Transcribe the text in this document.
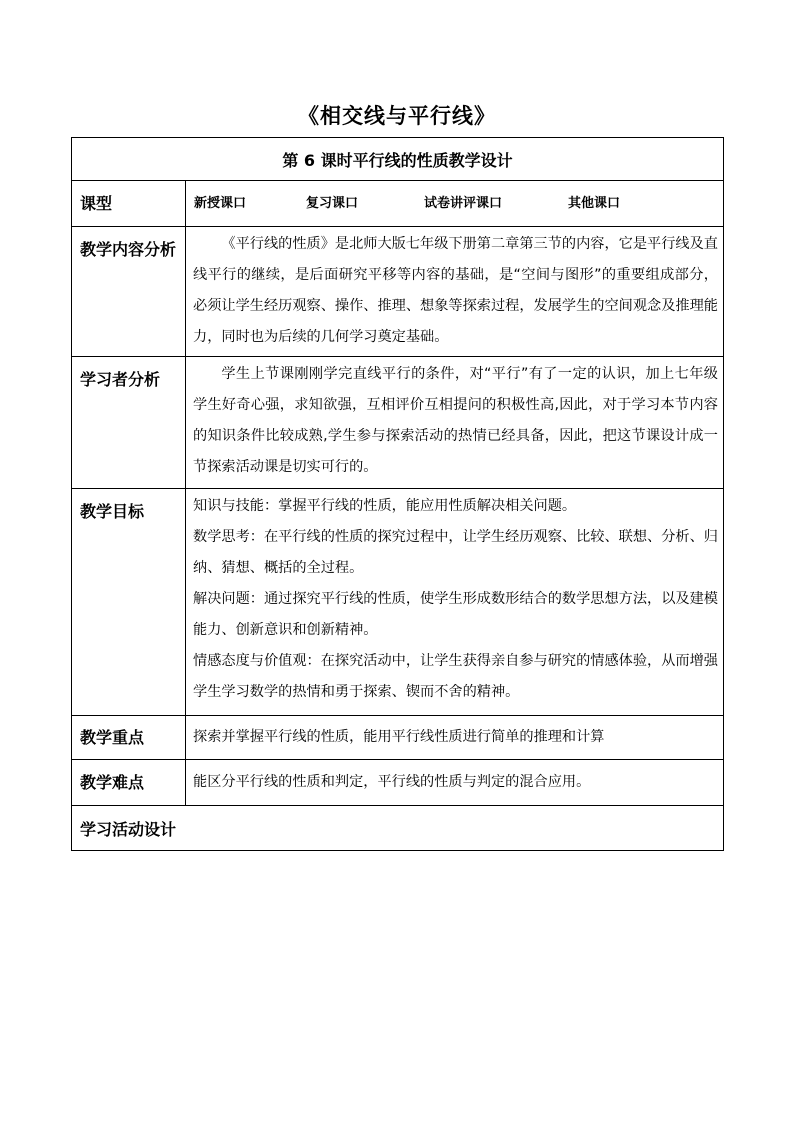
《相交线与平行线》
第 6 课时平行线的性质教学设计	
课型	新授课口 复习课口 试卷讲评课口 其他课口
教学内容分析	《平行线的性质》是北师大版七年级下册第二章第三节的内容，它是平行线及直线平行的继续，是后面研究平移等内容的基础，是“空间与图形”的重要组成部分，必须让学生经历观察、操作、推理、想象等探索过程，发展学生的空间观念及推理能力，同时也为后续的几何学习奠定基础。

学习者分析	学生上节课刚刚学完直线平行的条件，对“平行”有了一定的认识，加上七年级学生好奇心强，求知欲强，互相评价互相提问的积极性高,因此，对于学习本节内容的知识条件比较成熟,学生参与探索活动的热情已经具备，因此，把这节课设计成一节探索活动课是切实可行的。

教学目标	知识与技能：掌握平行线的性质，能应用性质解决相关问题。

数学思考：在平行线的性质的探究过程中，让学生经历观察、比较、联想、分析、归纳、猜想、概括的全过程。

解决问题：通过探究平行线的性质，使学生形成数形结合的数学思想方法，以及建模能力、创新意识和创新精神。

情感态度与价值观：在探究活动中，让学生获得亲自参与研究的情感体验，从而增强学生学习数学的热情和勇于探索、锲而不舍的精神。

教学重点	探索并掌握平行线的性质，能用平行线性质进行简单的推理和计算

教学难点	能区分平行线的性质和判定，平行线的性质与判定的混合应用。

学习活动设计	
